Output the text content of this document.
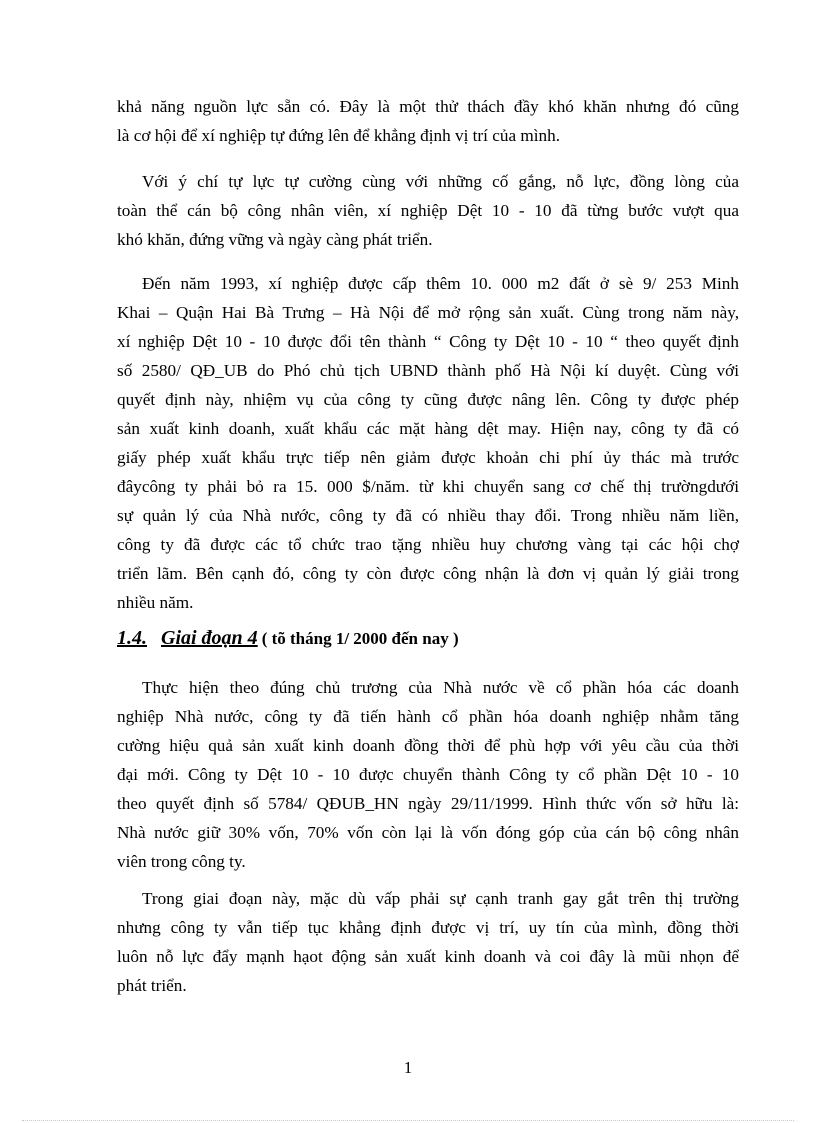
khả năng nguồn lực sẵn có. Đây là một thử thách đầy khó khăn nhưng đó cũng
là cơ hội để xí nghiệp tự đứng lên để khẳng định vị trí của mình.
Với ý chí tự lực tự cường cùng với những cố gắng, nỗ lực, đồng lòng của
toàn thể cán bộ công nhân viên, xí nghiệp Dệt 10 - 10 đã từng bước vượt qua
khó khăn, đứng vững và ngày càng phát triển.
Đến năm 1993, xí nghiệp được cấp thêm 10. 000 m2 đất ở sè 9/ 253 Minh
Khai – Quận Hai Bà Trưng – Hà Nội để mở rộng sản xuất. Cùng trong năm này,
xí nghiệp Dệt 10 - 10 được đổi tên thành “ Công ty Dệt 10 - 10 “ theo quyết định
số 2580/ QĐ_UB do Phó chủ tịch UBND thành phố Hà Nội kí duyệt. Cùng với
quyết định này, nhiệm vụ của công ty cũng được nâng lên. Công ty được phép
sản xuất kinh doanh, xuất khẩu các mặt hàng dệt may. Hiện nay, công ty đã có
giấy phép xuất khẩu trực tiếp nên giảm được khoản chi phí ủy thác mà trước
đâycông ty phải bỏ ra 15. 000 $/năm. từ khi chuyển sang cơ chế thị trườngdưới
sự quản lý của Nhà nước, công ty đã có nhiều thay đổi. Trong nhiều năm liền,
công ty đã được các tổ chức trao tặng nhiều huy chương vàng tại các hội chợ
triển lãm. Bên cạnh đó, công ty còn được công nhận là đơn vị quản lý giải trong
nhiều năm.
1.4. Giai đoạn 4 ( tõ tháng 1/ 2000 đến nay )
Thực hiện theo đúng chủ trương của Nhà nước về cổ phần hóa các doanh
nghiệp Nhà nước, công ty đã tiến hành cổ phần hóa doanh nghiệp nhằm tăng
cường hiệu quả sản xuất kinh doanh đồng thời để phù hợp với yêu cầu của thời
đại mới. Công ty Dệt 10 - 10 được chuyển thành Công ty cổ phần Dệt 10 - 10
theo quyết định số 5784/ QĐUB_HN ngày 29/11/1999. Hình thức vốn sở hữu là:
Nhà nước giữ 30% vốn, 70% vốn còn lại là vốn đóng góp của cán bộ công nhân
viên trong công ty.
Trong giai đoạn này, mặc dù vấp phải sự cạnh tranh gay gắt trên thị trường
nhưng công ty vẫn tiếp tục khẳng định được vị trí, uy tín của mình, đồng thời
luôn nỗ lực đẩy mạnh hạot động sản xuất kinh doanh và coi đây là mũi nhọn để
phát triển.
1
